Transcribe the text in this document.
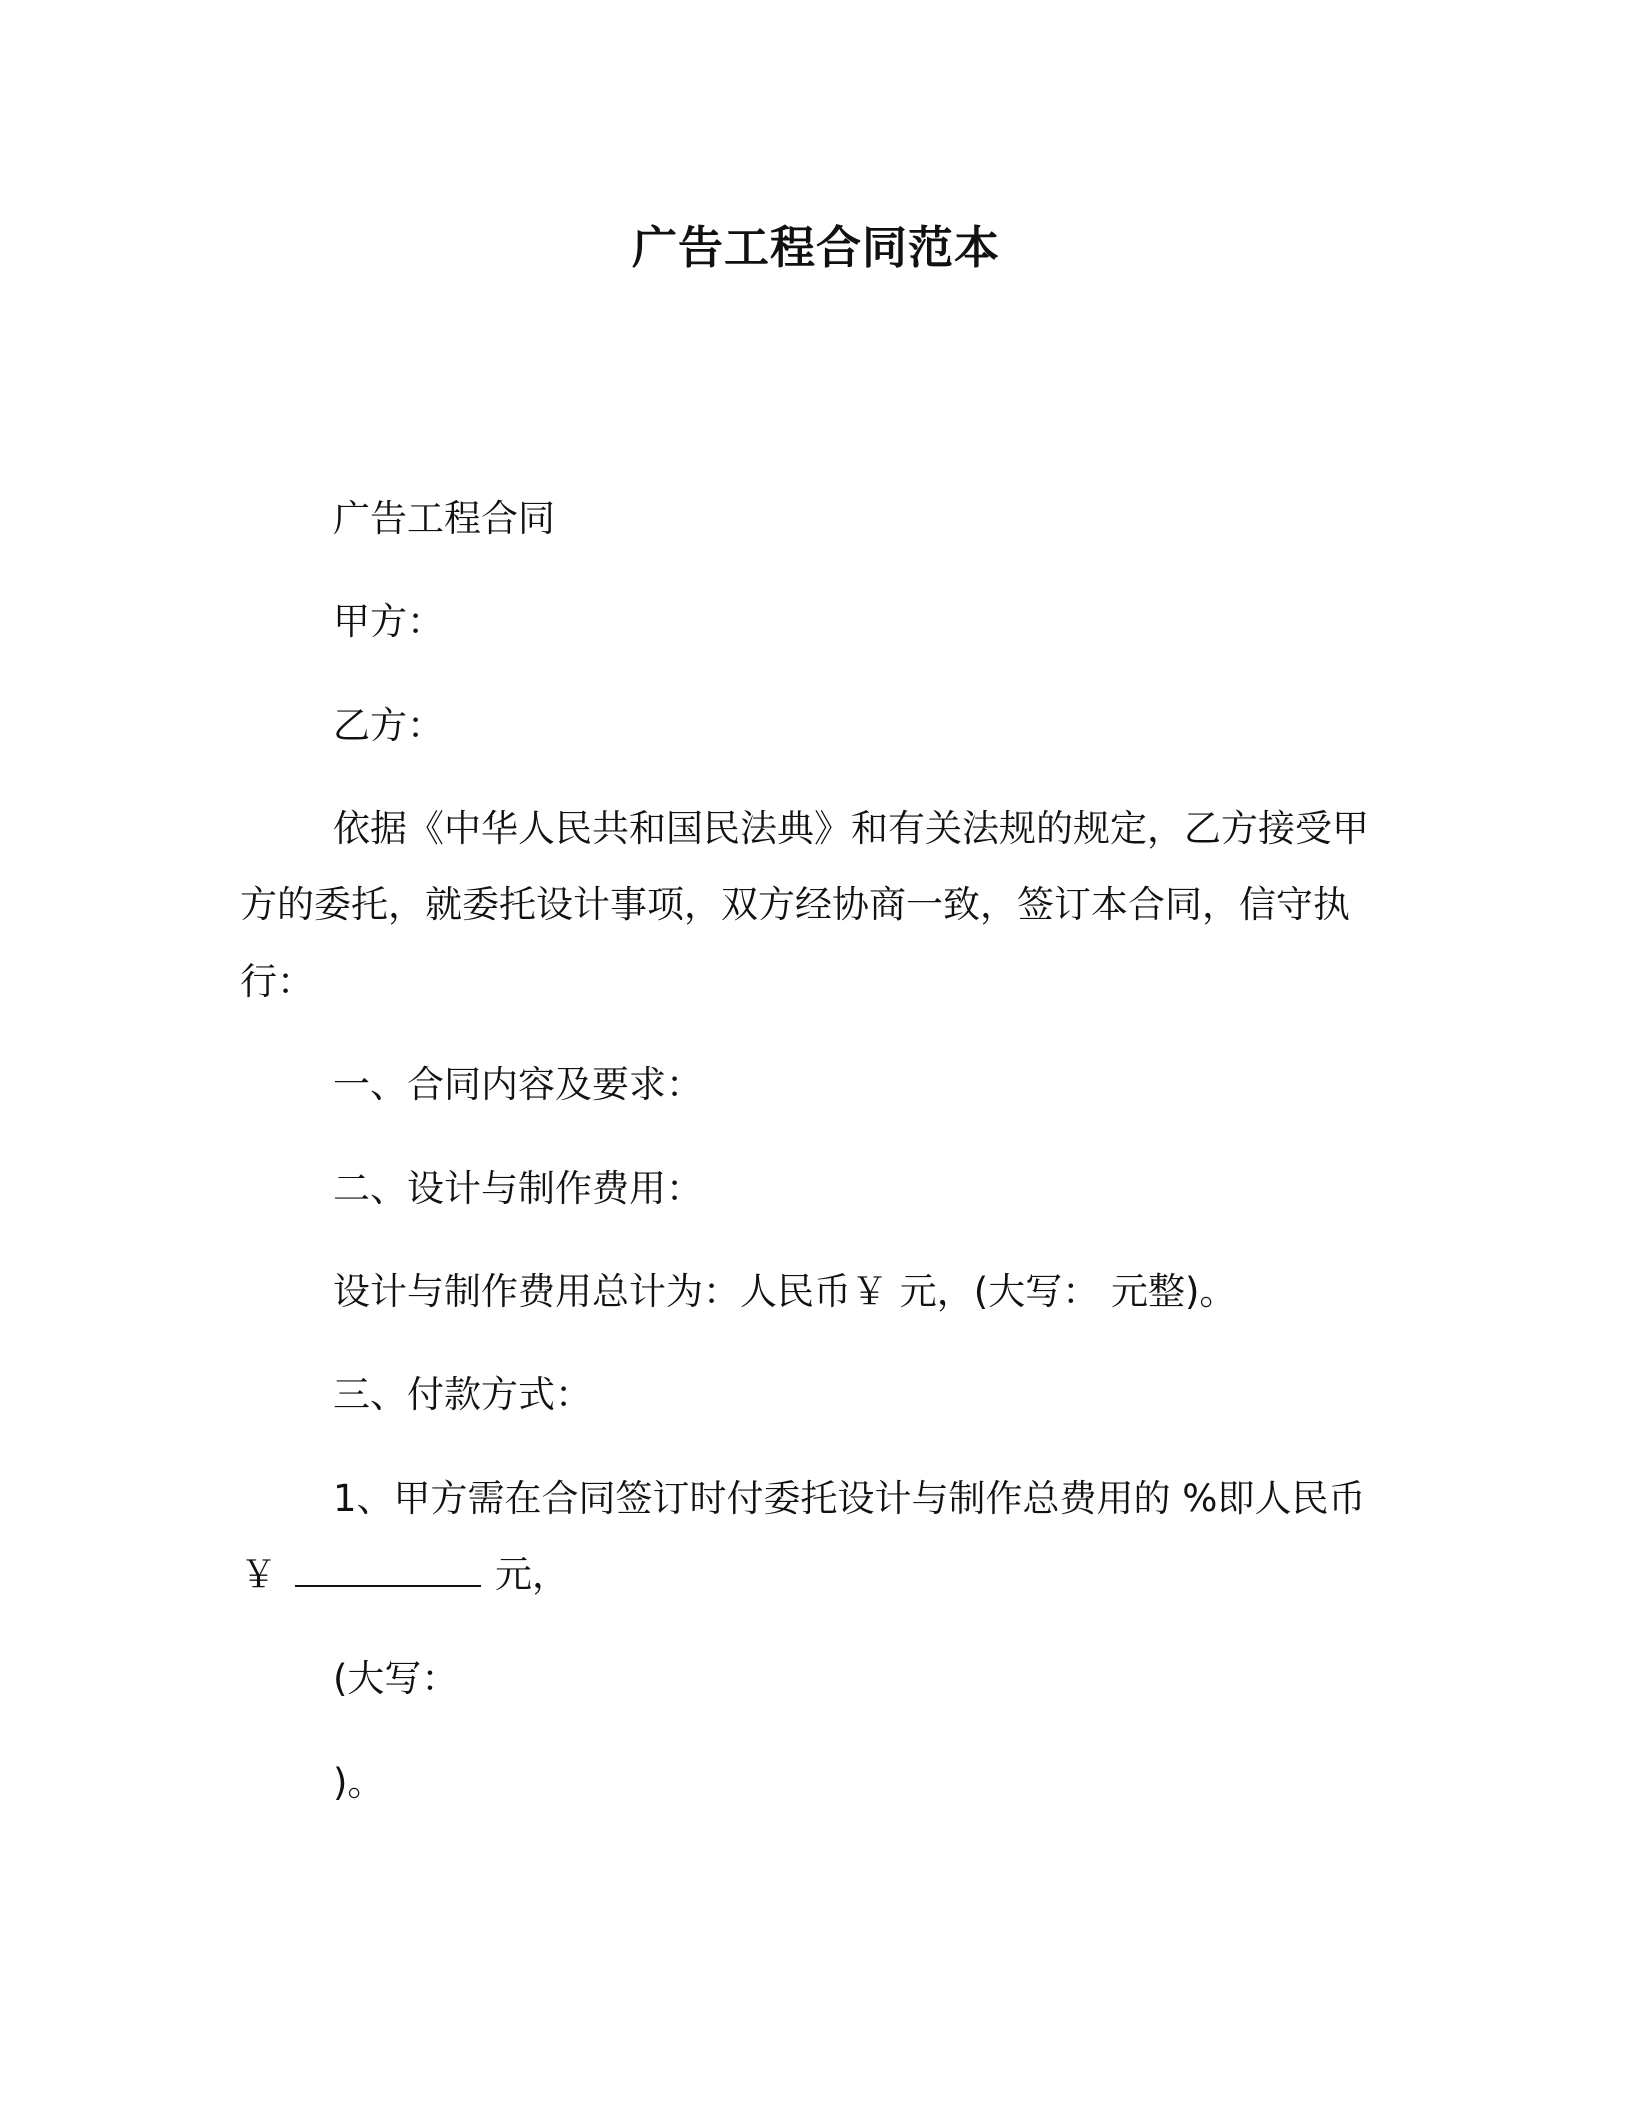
广告工程合同范本
广告工程合同
甲方：
乙方：
依据《中华人民共和国民法典》和有关法规的规定，乙方接受甲
方的委托，就委托设计事项，双方经协商一致，签订本合同，信守执
行：
一、合同内容及要求：
二、设计与制作费用：
设计与制作费用总计为：人民币￥ 元，(大写： 元整)。
三、付款方式：
1、甲方需在合同签订时付委托设计与制作总费用的 %即人民币
￥	元，
(大写：
)。
